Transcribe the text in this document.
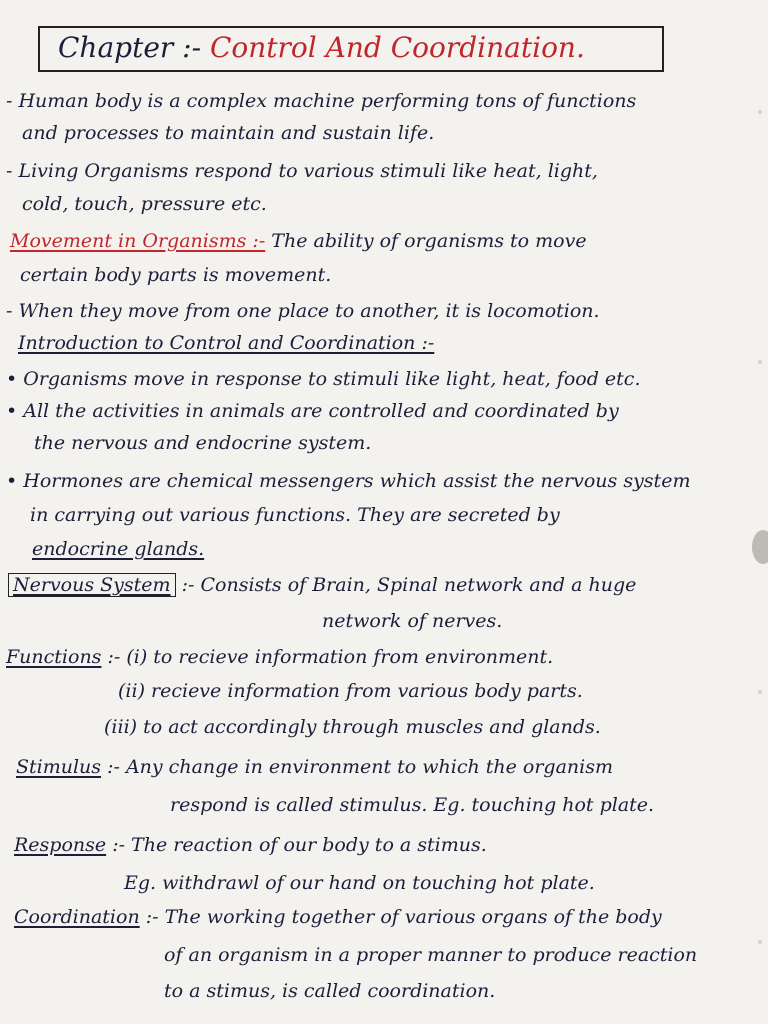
Chapter :- Control And Coordination.
- Human body is a complex machine performing tons of functions
and processes to maintain and sustain life.
- Living Organisms respond to various stimuli like heat, light,
cold, touch, pressure etc.
Movement in Organisms :- The ability of organisms to move
certain body parts is movement.
- When they move from one place to another, it is locomotion.
Introduction to Control and Coordination :-
• Organisms move in response to stimuli like light, heat, food etc.
• All the activities in animals are controlled and coordinated by
the nervous and endocrine system.
• Hormones are chemical messengers which assist the nervous system
in carrying out various functions. They are secreted by
endocrine glands.
Nervous System :- Consists of Brain, Spinal network and a huge
network of nerves.
Functions :- (i) to recieve information from environment.
(ii) recieve information from various body parts.
(iii) to act accordingly through muscles and glands.
Stimulus :- Any change in environment to which the organism
respond is called stimulus. Eg. touching hot plate.
Response :- The reaction of our body to a stimus.
Eg. withdrawl of our hand on touching hot plate.
Coordination :- The working together of various organs of the body
of an organism in a proper manner to produce reaction
to a stimus, is called coordination.
